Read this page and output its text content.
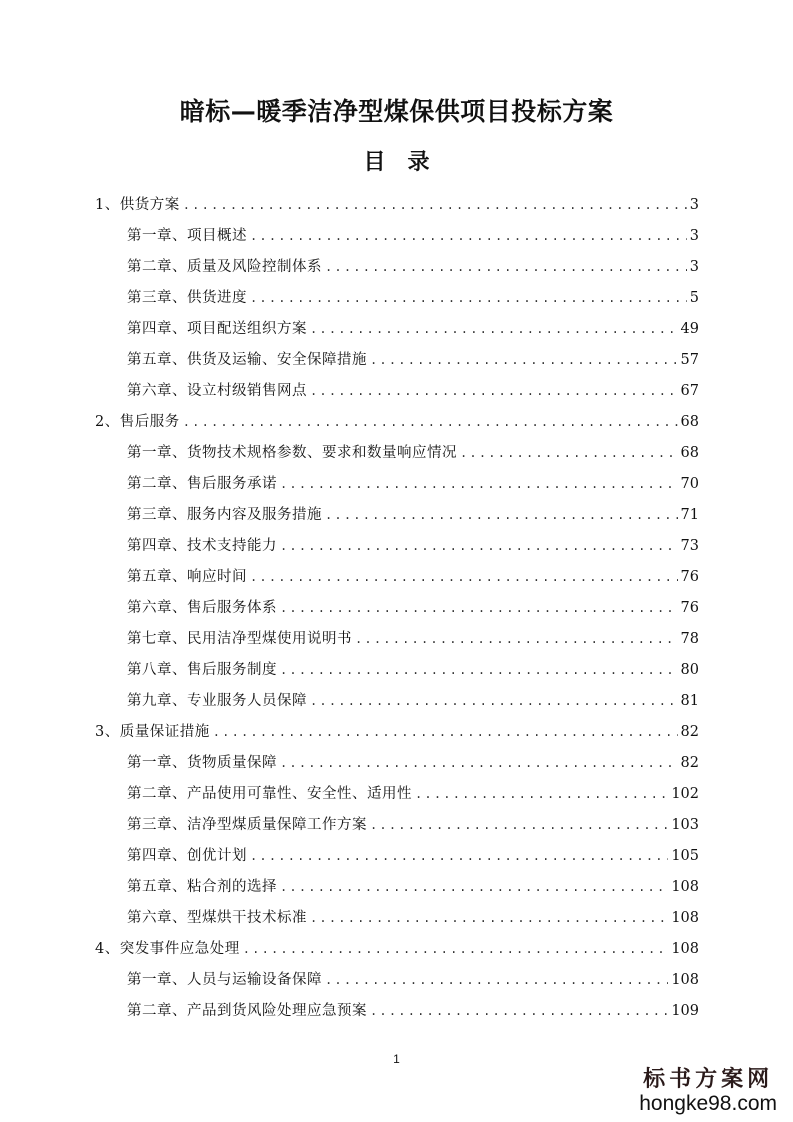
暗标—暖季洁净型煤保供项目投标方案
目 录
1、供货方案 .....	3
第一章、项目概述 .....	3
第二章、质量及风险控制体系 .....	3
第三章、供货进度 .....	5
第四章、项目配送组织方案 .....	49
第五章、供货及运输、安全保障措施 .....	57
第六章、设立村级销售网点 .....	67
2、售后服务 .....	68
第一章、货物技术规格参数、要求和数量响应情况 .....	68
第二章、售后服务承诺 .....	70
第三章、服务内容及服务措施 .....	71
第四章、技术支持能力 .....	73
第五章、响应时间 .....	76
第六章、售后服务体系 .....	76
第七章、民用洁净型煤使用说明书 .....	78
第八章、售后服务制度 .....	80
第九章、专业服务人员保障 .....	81
3、质量保证措施 .....	82
第一章、货物质量保障 .....	82
第二章、产品使用可靠性、安全性、适用性 .....	102
第三章、洁净型煤质量保障工作方案 .....	103
第四章、创优计划 .....	105
第五章、粘合剂的选择 .....	108
第六章、型煤烘干技术标准 .....	108
4、突发事件应急处理 .....	108
第一章、人员与运输设备保障 .....	108
第二章、产品到货风险处理应急预案 .....	109
1
标书方案网
hongke98.com
